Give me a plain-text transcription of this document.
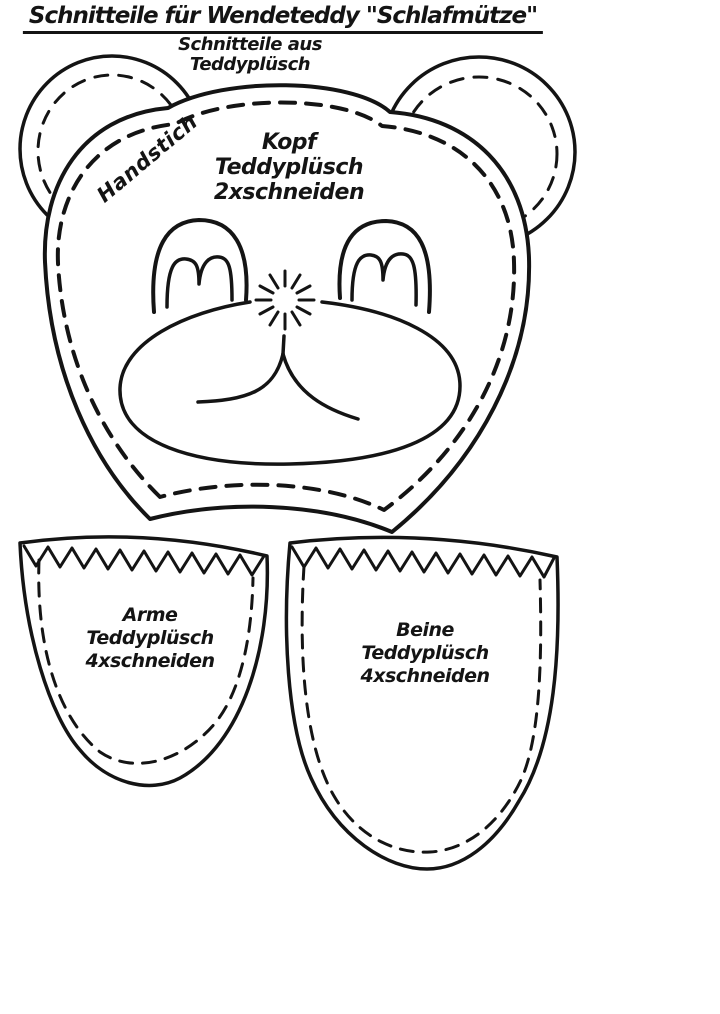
Schnitteile für Wendeteddy "Schlafmütze"
Schnitteile aus
Teddyplüsch
Handstich	Kopf
Teddyplüsch
2xschneiden
Arme
Teddyplüsch
4xschneiden
Beine
Teddyplüsch
4xschneiden
